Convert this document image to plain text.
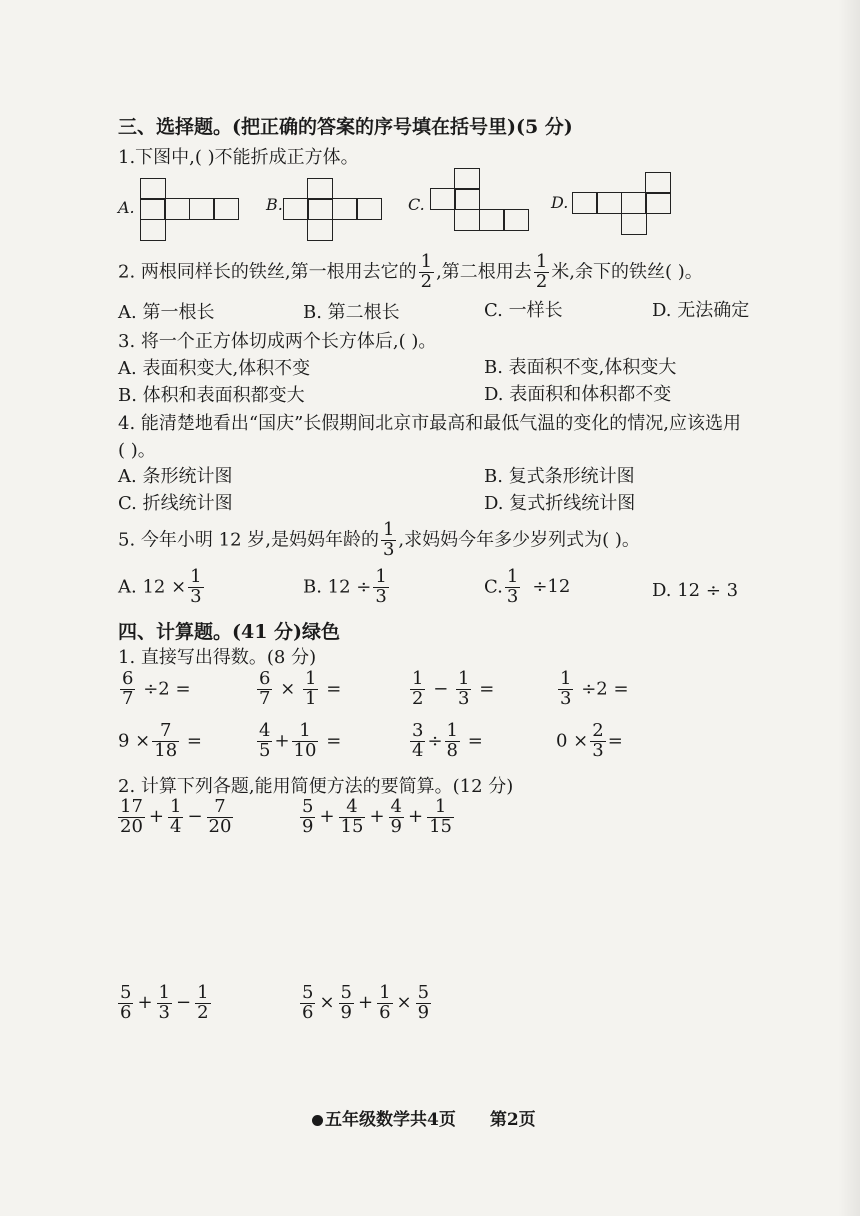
三、选择题。(把正确的答案的序号填在括号里)(5 分)
1.下图中,( )不能折成正方体。
A.	B.	C.	D.
2. 两根同样长的铁丝,第一根用去它的 $\frac{1}{2}$ ,第二根用去 $\frac{1}{2}$ 米,余下的铁丝( )。
A. 第一根长	B. 第二根长	C. 一样长	D. 无法确定
3. 将一个正方体切成两个长方体后,( )。
A. 表面积变大,体积不变	B. 表面积不变,体积变大
B. 体积和表面积都变大	D. 表面积和体积都不变
4. 能清楚地看出“国庆”长假期间北京市最高和最低气温的变化的情况,应该选用
( )。
A. 条形统计图	B. 复式条形统计图
C. 折线统计图	D. 复式折线统计图
5. 今年小明 12 岁,是妈妈年龄的 $\frac{1}{3}$ ,求妈妈今年多少岁列式为( )。
A. $12 \times \frac{1}{3}$	B. $12 \div \frac{1}{3}$	C. $\frac{1}{3} \div 12$	D. 12 ÷ 3
四、计算题。(41 分)绿色
1. 直接写出得数。(8 分)
$\frac{6}{7} \div 2$ =	$\frac{6}{7} \times \frac{1}{1}$ =	$\frac{1}{2} - \frac{1}{3}$ =	$\frac{1}{3} \div 2$ =
$9 \times \frac{7}{18}$ =	$\frac{4}{5} + \frac{1}{10}$ =	$\frac{3}{4} \div \frac{1}{8}$ =	$0 \times \frac{2}{3}$ =
2. 计算下列各题,能用简便方法的要简算。(12 分)
$\frac{17}{20} + \frac{1}{4} - \frac{7}{20}$	$\frac{5}{9} + \frac{4}{15} + \frac{4}{9} + \frac{1}{15}$
$\frac{5}{6} + \frac{1}{3} - \frac{1}{2}$	$\frac{5}{6} \times \frac{5}{9} + \frac{1}{6} \times \frac{5}{9}$
五年级数学共4页 第2页
